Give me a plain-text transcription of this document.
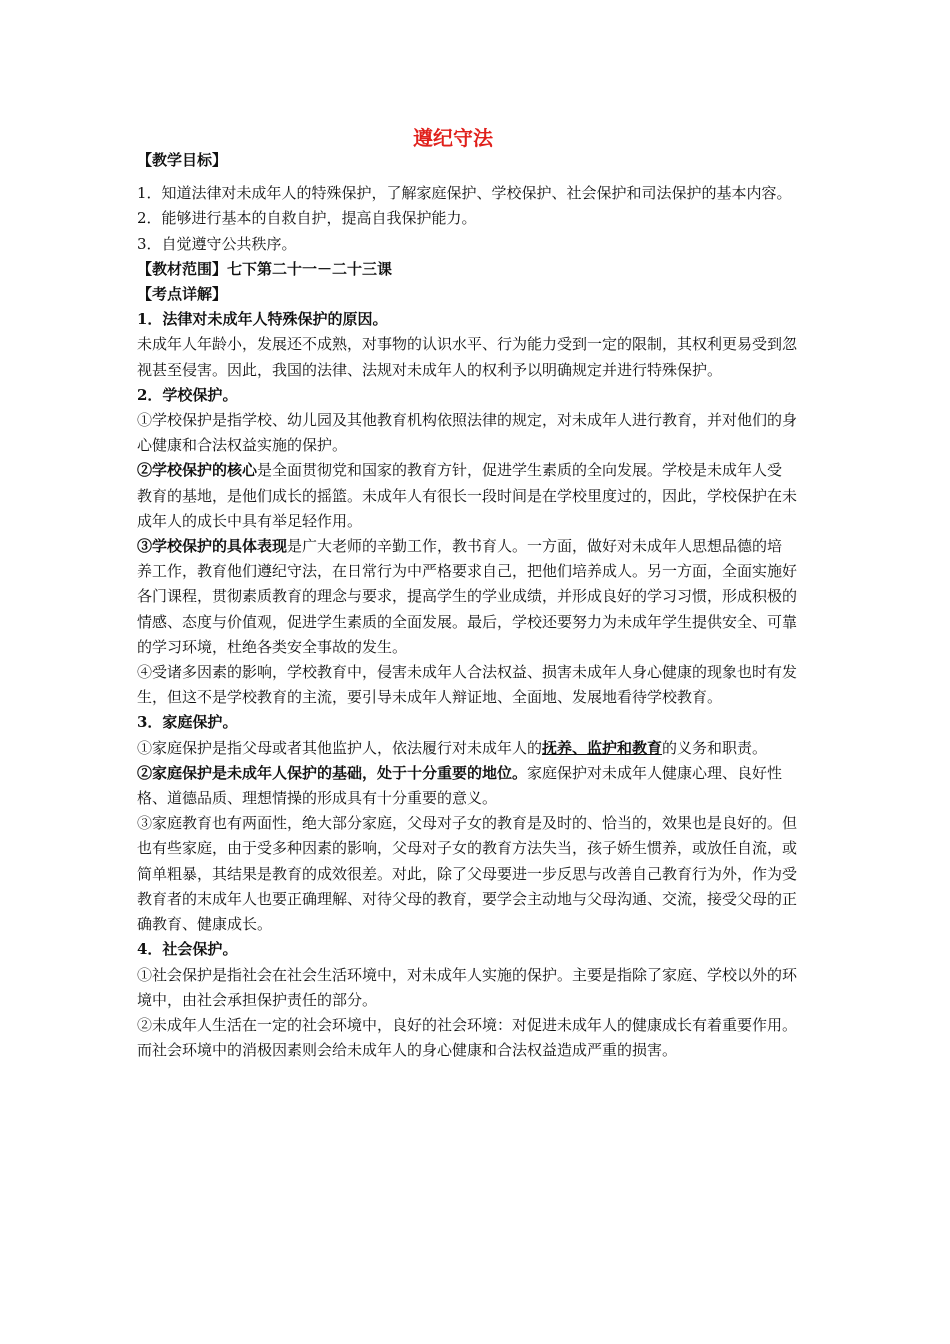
遵纪守法

【教学目标】

1．知道法律对未成年人的特殊保护，了解家庭保护、学校保护、社会保护和司法保护的基本内容。

2．能够进行基本的自救自护，提高自我保护能力。

3．自觉遵守公共秩序。

【教材范围】七下第二十一－二十三课

【考点详解】

1．法律对未成年人特殊保护的原因。

未成年人年龄小，发展还不成熟，对事物的认识水平、行为能力受到一定的限制，其权利更易受到忽视甚至侵害。因此，我国的法律、法规对未成年人的权利予以明确规定并进行特殊保护。

2．学校保护。

①学校保护是指学校、幼儿园及其他教育机构依照法律的规定，对未成年人进行教育，并对他们的身心健康和合法权益实施的保护。

②学校保护的核心是全面贯彻党和国家的教育方针，促进学生素质的全向发展。学校是未成年人受教育的基地，是他们成长的摇篮。未成年人有很长一段时间是在学校里度过的，因此，学校保护在未成年人的成长中具有举足轻作用。

③学校保护的具体表现是广大老师的辛勤工作，教书育人。一方面，做好对未成年人思想品德的培养工作，教育他们遵纪守法，在日常行为中严格要求自己，把他们培养成人。另一方面，全面实施好各门课程，贯彻素质教育的理念与要求，提高学生的学业成绩，并形成良好的学习习惯，形成积极的情感、态度与价值观，促进学生素质的全面发展。最后，学校还要努力为未成年学生提供安全、可靠的学习环境，杜绝各类安全事故的发生。

④受诸多因素的影响，学校教育中，侵害未成年人合法权益、损害未成年人身心健康的现象也时有发生，但这不是学校教育的主流，要引导未成年人辩证地、全面地、发展地看待学校教育。

3．家庭保护。

①家庭保护是指父母或者其他监护人，依法履行对未成年人的抚养、监护和教育的义务和职责。

②家庭保护是未成年人保护的基础，处于十分重要的地位。家庭保护对未成年人健康心理、良好性格、道德品质、理想情操的形成具有十分重要的意义。

③家庭教育也有两面性，绝大部分家庭，父母对子女的教育是及时的、恰当的，效果也是良好的。但也有些家庭，由于受多种因素的影响，父母对子女的教育方法失当，孩子娇生惯养，或放任自流，或简单粗暴，其结果是教育的成效很差。对此，除了父母要进一步反思与改善自己教育行为外，作为受教育者的末成年人也要正确理解、对待父母的教育，要学会主动地与父母沟通、交流，接受父母的正确教育、健康成长。

4．社会保护。

①社会保护是指社会在社会生活环境中，对未成年人实施的保护。主要是指除了家庭、学校以外的环境中，由社会承担保护责任的部分。

②未成年人生活在一定的社会环境中，良好的社会环境：对促进未成年人的健康成长有着重要作用。而社会环境中的消极因素则会给未成年人的身心健康和合法权益造成严重的损害。
